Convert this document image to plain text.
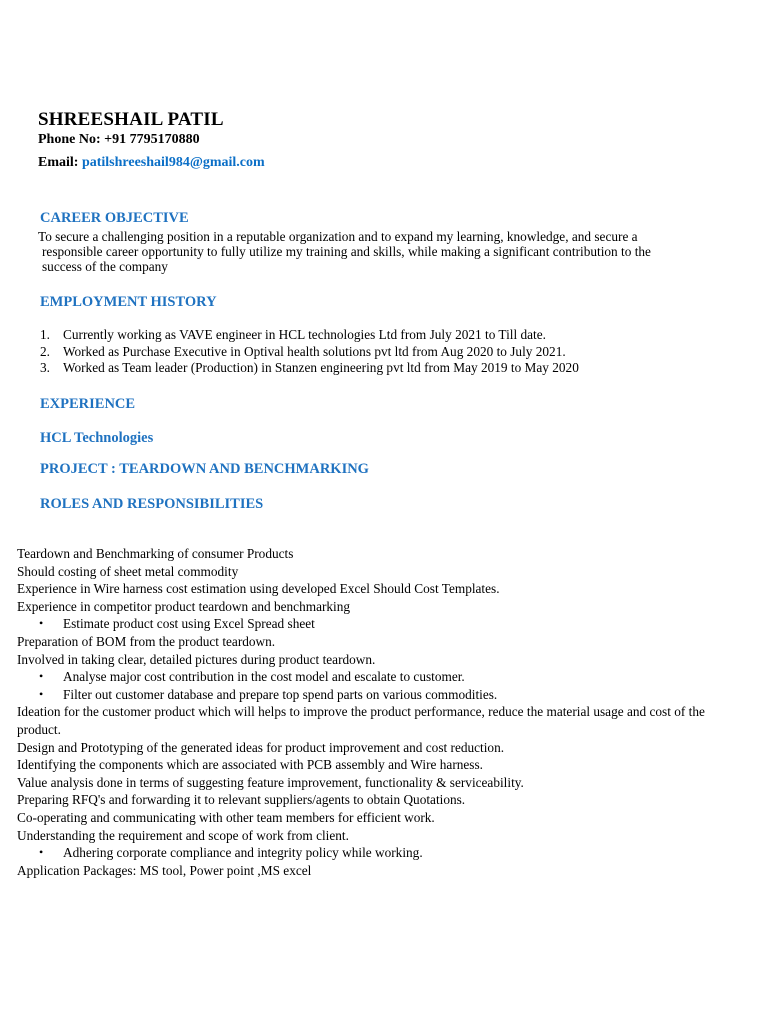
SHREESHAIL PATIL
Phone No: +91 7795170880
Email: patilshreeshail984@gmail.com
CAREER OBJECTIVE
To secure a challenging position in a reputable organization and to expand my learning, knowledge, and secure a
responsible career opportunity to fully utilize my training and skills, while making a significant contribution to the
success of the company
EMPLOYMENT HISTORY
1. Currently working as VAVE engineer in HCL technologies Ltd from July 2021 to Till date.
2. Worked as Purchase Executive in Optival health solutions pvt ltd from Aug 2020 to July 2021.
3. Worked as Team leader (Production) in Stanzen engineering pvt ltd from May 2019 to May 2020
EXPERIENCE
HCL Technologies
PROJECT : TEARDOWN AND BENCHMARKING
ROLES AND RESPONSIBILITIES
Teardown and Benchmarking of consumer Products
Should costing of sheet metal commodity
Experience in Wire harness cost estimation using developed Excel Should Cost Templates.
Experience in competitor product teardown and benchmarking
• Estimate product cost using Excel Spread sheet
Preparation of BOM from the product teardown.
Involved in taking clear, detailed pictures during product teardown.
• Analyse major cost contribution in the cost model and escalate to customer.
• Filter out customer database and prepare top spend parts on various commodities.
Ideation for the customer product which will helps to improve the product performance, reduce the material usage and cost of the product.
Design and Prototyping of the generated ideas for product improvement and cost reduction.
Identifying the components which are associated with PCB assembly and Wire harness.
Value analysis done in terms of suggesting feature improvement, functionality & serviceability.
Preparing RFQ's and forwarding it to relevant suppliers/agents to obtain Quotations.
Co-operating and communicating with other team members for efficient work.
Understanding the requirement and scope of work from client.
• Adhering corporate compliance and integrity policy while working.
Application Packages: MS tool, Power point ,MS excel
